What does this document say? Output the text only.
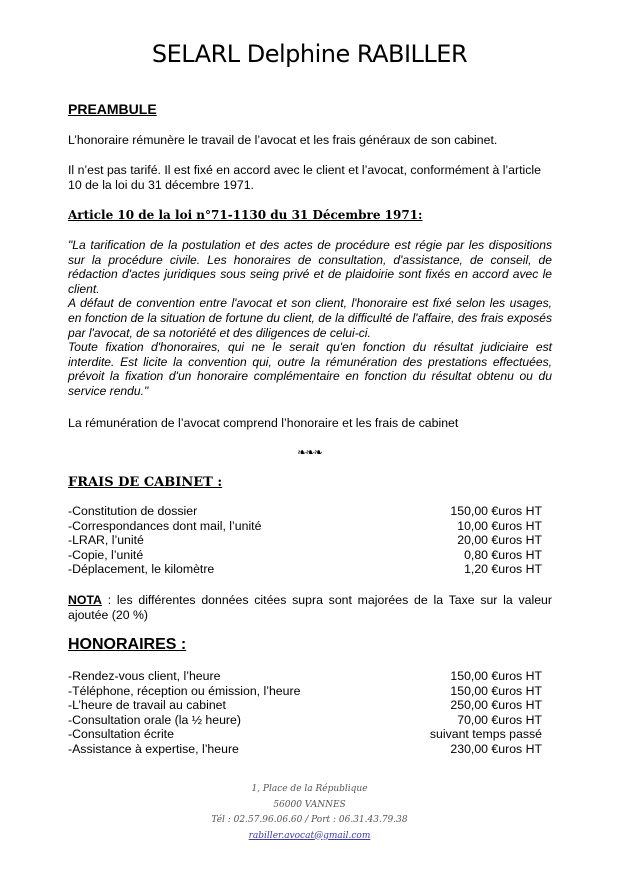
SELARL Delphine RABILLER
PREAMBULE

L’honoraire rémunère le travail de l’avocat et les frais généraux de son cabinet.

Il n’est pas tarifé. Il est fixé en accord avec le client et l’avocat, conformément à l’article 10 de la loi du 31 décembre 1971.

Article 10 de la loi n°71-1130 du 31 Décembre 1971:
"La tarification de la postulation et des actes de procédure est régie par les dispositions sur la procédure civile. Les honoraires de consultation, d'assistance, de conseil, de rédaction d'actes juridiques sous seing privé et de plaidoirie sont fixés en accord avec le client.
A défaut de convention entre l'avocat et son client, l'honoraire est fixé selon les usages, en fonction de la situation de fortune du client, de la difficulté de l'affaire, des frais exposés par l'avocat, de sa notoriété et des diligences de celui-ci.
Toute fixation d'honoraires, qui ne le serait qu'en fonction du résultat judiciaire est interdite. Est licite la convention qui, outre la rémunération des prestations effectuées, prévoit la fixation d'un honoraire complémentaire en fonction du résultat obtenu ou du service rendu."

La rémunération de l’avocat comprend l’honoraire et les frais de cabinet

❧❧❧
FRAIS DE CABINET :
-Constitution de dossier	150,00 €uros HT
-Correspondances dont mail, l’unité	10,00 €uros HT
-LRAR, l’unité	20,00 €uros HT
-Copie, l’unité	0,80 €uros HT
-Déplacement, le kilomètre	1,20 €uros HT

NOTA : les différentes données citées supra sont majorées de la Taxe sur la valeur ajoutée (20 %)

HONORAIRES :
-Rendez-vous client, l’heure	150,00 €uros HT
-Téléphone, réception ou émission, l’heure	150,00 €uros HT
-L’heure de travail au cabinet	250,00 €uros HT
-Consultation orale (la ½ heure)	70,00 €uros HT
-Consultation écrite	suivant temps passé
-Assistance à expertise, l’heure	230,00 €uros HT
1, Place de la République
56000 VANNES
Tél : 02.57.96.06.60 / Port : 06.31.43.79.38
rabiller.avocat@gmail.com
